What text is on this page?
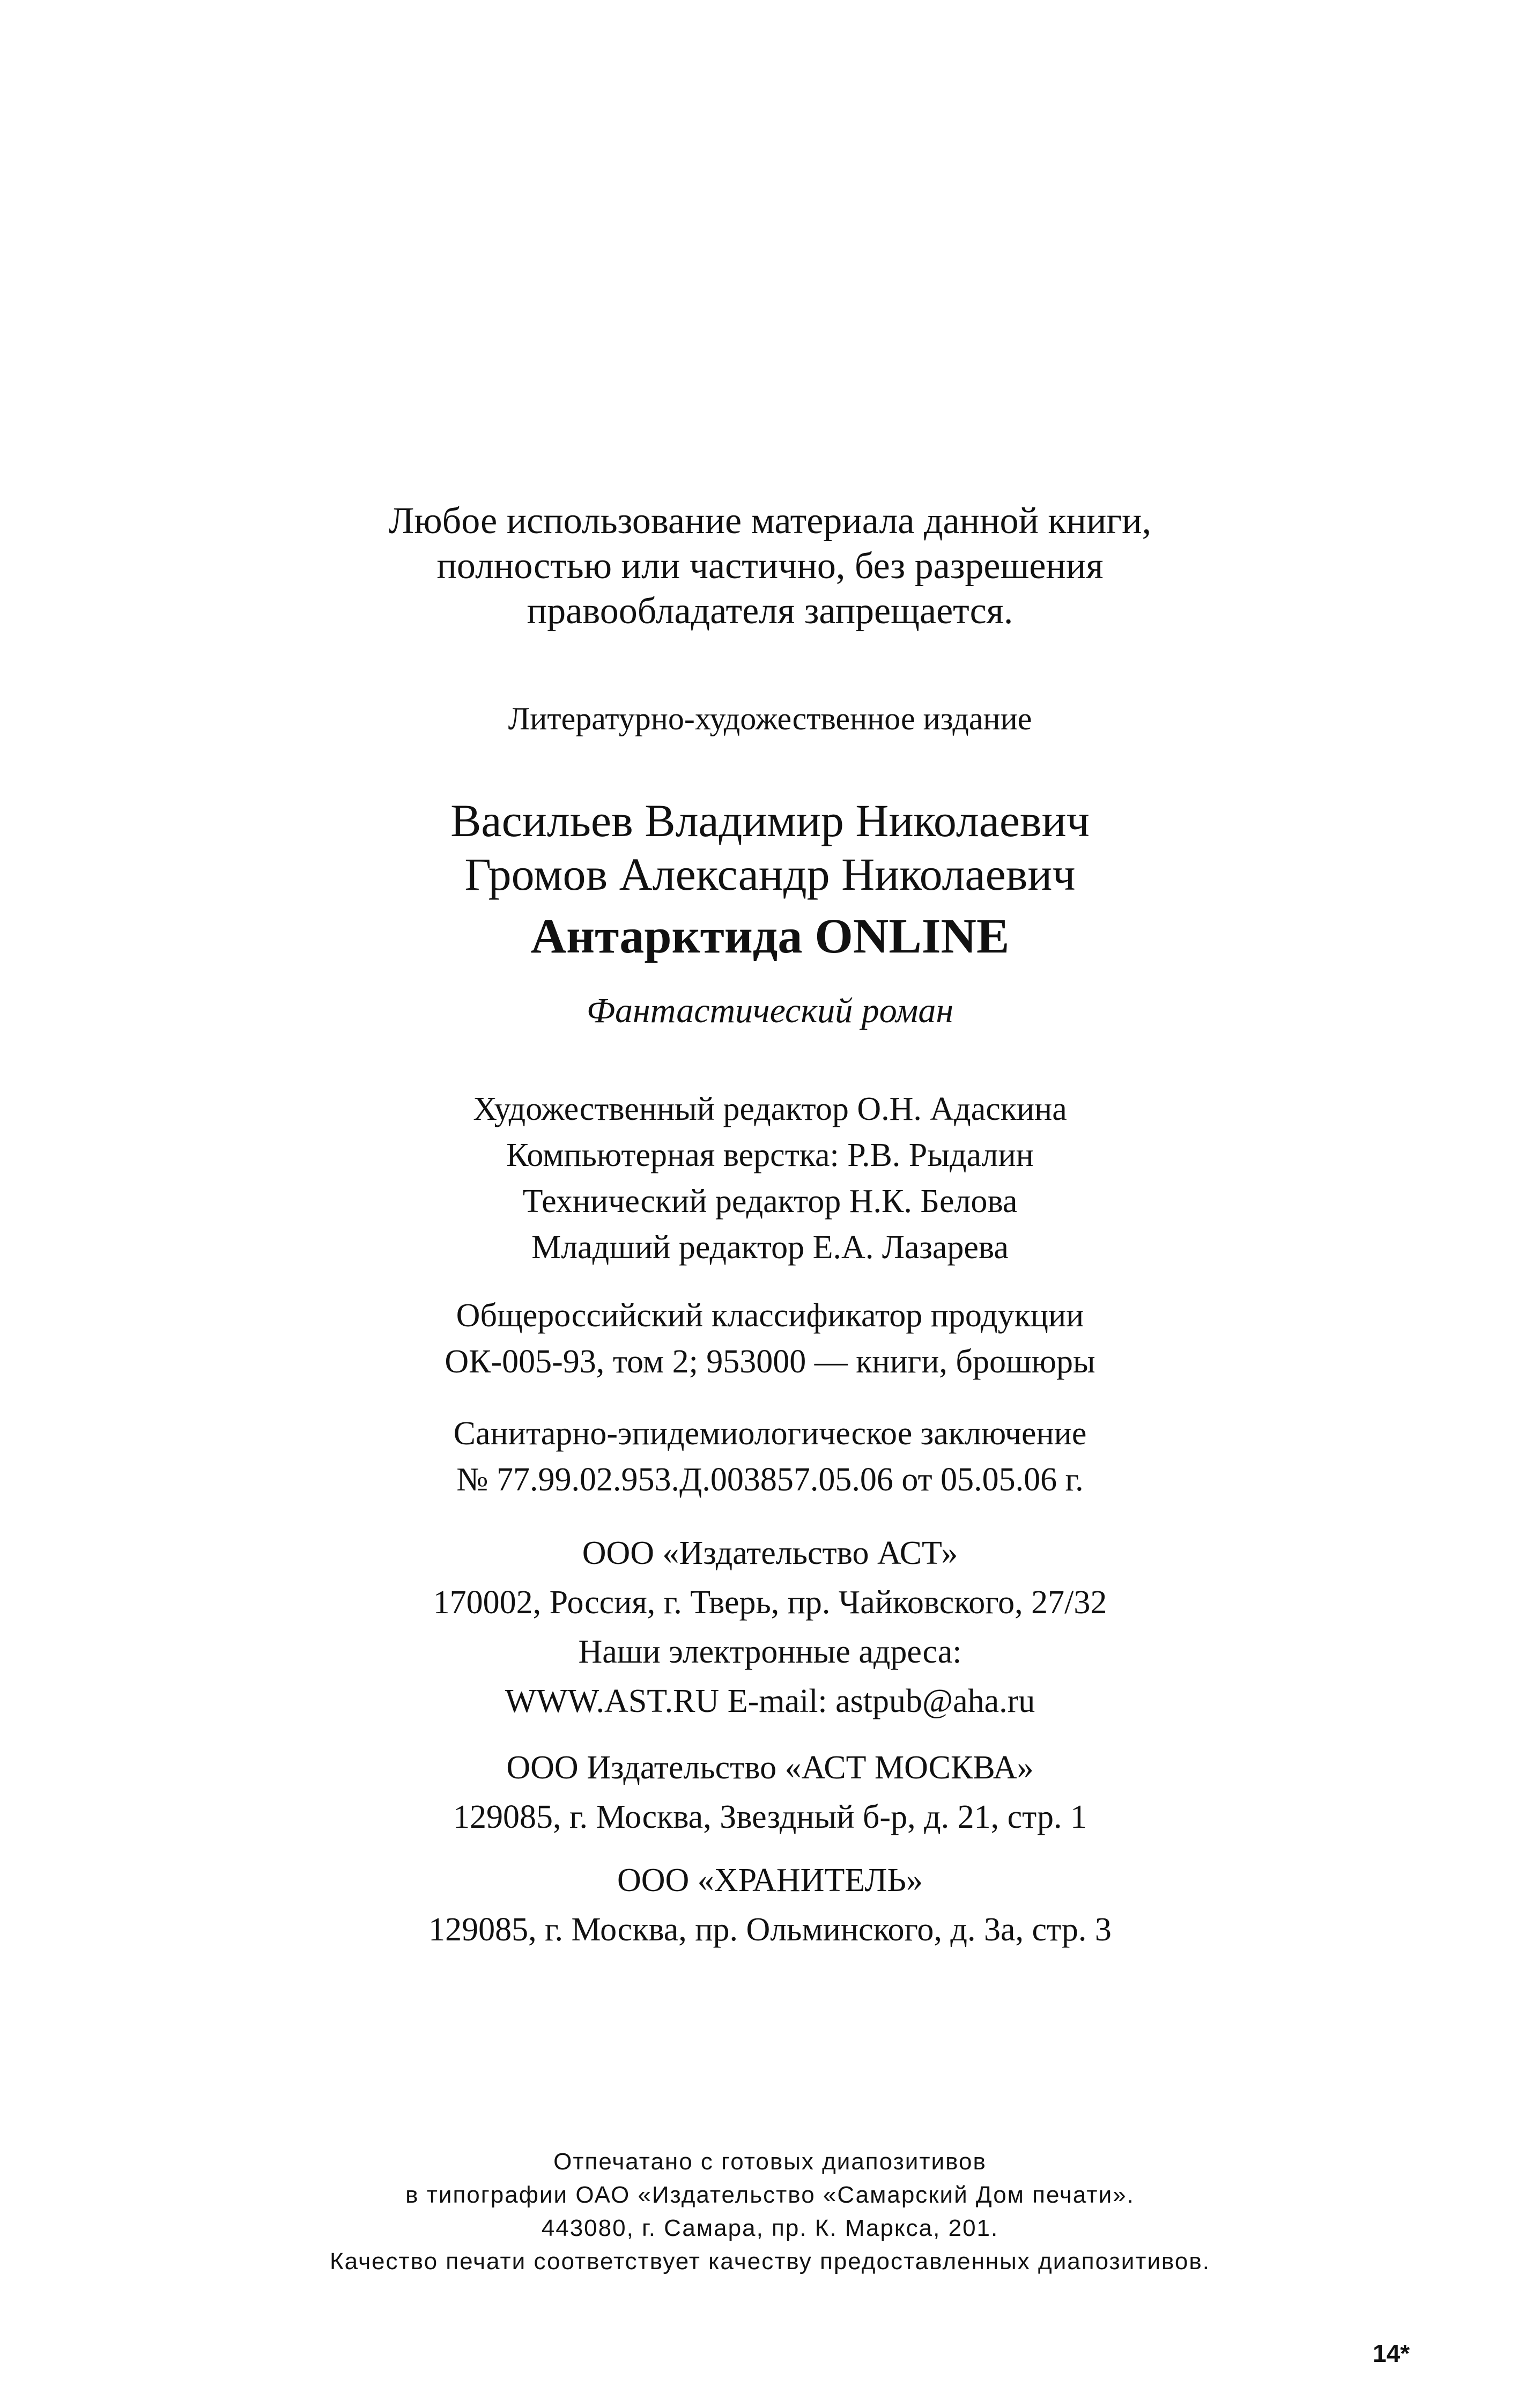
Любое использование материала данной книги,
полностью или частично, без разрешения
правообладателя запрещается.
Литературно-художественное издание
Васильев Владимир Николаевич
Громов Александр Николаевич
Антарктида ONLINE
Фантастический роман
Художественный редактор О.Н. Адаскина
Компьютерная верстка: Р.В. Рыдалин
Технический редактор Н.К. Белова
Младший редактор Е.А. Лазарева
Общероссийский классификатор продукции
ОК-005-93, том 2; 953000 — книги, брошюры
Санитарно-эпидемиологическое заключение
№ 77.99.02.953.Д.003857.05.06 от 05.05.06 г.
ООО «Издательство АСТ»
170002, Россия, г. Тверь, пр. Чайковского, 27/32
Наши электронные адреса:
WWW.AST.RU E-mail: astpub@aha.ru
ООО Издательство «АСТ МОСКВА»
129085, г. Москва, Звездный б-р, д. 21, стр. 1
ООО «ХРАНИТЕЛЬ»
129085, г. Москва, пр. Ольминского, д. 3а, стр. 3
Отпечатано с готовых диапозитивов
в типографии ОАО «Издательство «Самарский Дом печати».
443080, г. Самара, пр. К. Маркса, 201.
Качество печати соответствует качеству предоставленных диапозитивов.
14*
